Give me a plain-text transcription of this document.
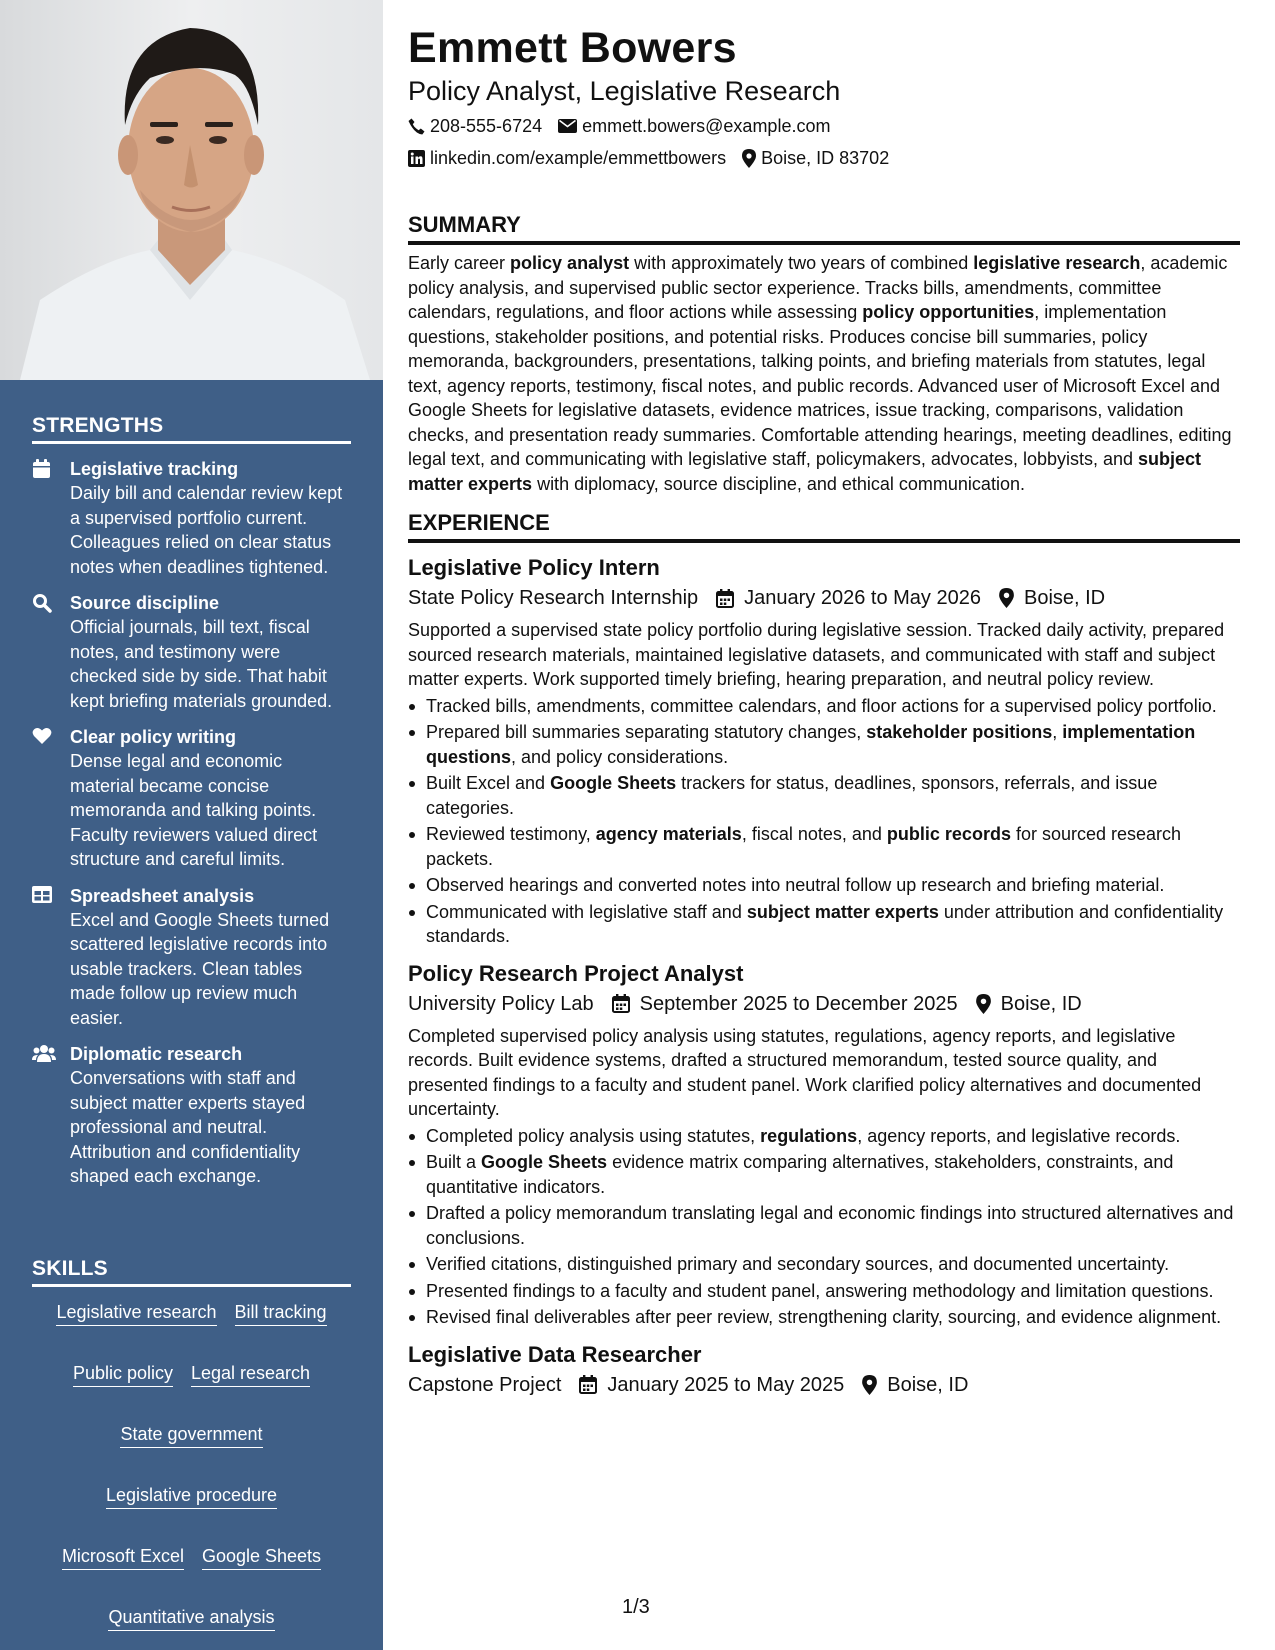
STRENGTHS
Legislative tracking
Daily bill and calendar review kept a supervised portfolio current. Colleagues relied on clear status notes when deadlines tightened.
Source discipline
Official journals, bill text, fiscal notes, and testimony were checked side by side. That habit kept briefing materials grounded.
Clear policy writing
Dense legal and economic material became concise memoranda and talking points. Faculty reviewers valued direct structure and careful limits.
Spreadsheet analysis
Excel and Google Sheets turned scattered legislative records into usable trackers. Clean tables made follow up review much easier.
Diplomatic research
Conversations with staff and subject matter experts stayed professional and neutral. Attribution and confidentiality shaped each exchange.
SKILLS
Legislative research Bill tracking
Public policy Legal research
State government
Legislative procedure
Microsoft Excel Google Sheets
Quantitative analysis
Emmett Bowers
Policy Analyst, Legislative Research
208-555-6724 emmett.bowers@example.com
linkedin.com/example/emmettbowers Boise, ID 83702
SUMMARY
Early career policy analyst with approximately two years of combined legislative research, academic policy analysis, and supervised public sector experience. Tracks bills, amendments, committee calendars, regulations, and floor actions while assessing policy opportunities, implementation questions, stakeholder positions, and potential risks. Produces concise bill summaries, policy memoranda, backgrounders, presentations, talking points, and briefing materials from statutes, legal text, agency reports, testimony, fiscal notes, and public records. Advanced user of Microsoft Excel and Google Sheets for legislative datasets, evidence matrices, issue tracking, comparisons, validation checks, and presentation ready summaries. Comfortable attending hearings, meeting deadlines, editing legal text, and communicating with legislative staff, policymakers, advocates, lobbyists, and subject matter experts with diplomacy, source discipline, and ethical communication.
EXPERIENCE
Legislative Policy Intern
State Policy Research Internship January 2026 to May 2026 Boise, ID
Supported a supervised state policy portfolio during legislative session. Tracked daily activity, prepared sourced research materials, maintained legislative datasets, and communicated with staff and subject matter experts. Work supported timely briefing, hearing preparation, and neutral policy review.
Tracked bills, amendments, committee calendars, and floor actions for a supervised policy portfolio.
Prepared bill summaries separating statutory changes, stakeholder positions, implementation questions, and policy considerations.
Built Excel and Google Sheets trackers for status, deadlines, sponsors, referrals, and issue categories.
Reviewed testimony, agency materials, fiscal notes, and public records for sourced research packets.
Observed hearings and converted notes into neutral follow up research and briefing material.
Communicated with legislative staff and subject matter experts under attribution and confidentiality standards.
Policy Research Project Analyst
University Policy Lab September 2025 to December 2025 Boise, ID
Completed supervised policy analysis using statutes, regulations, agency reports, and legislative records. Built evidence systems, drafted a structured memorandum, tested source quality, and presented findings to a faculty and student panel. Work clarified policy alternatives and documented uncertainty.
Completed policy analysis using statutes, regulations, agency reports, and legislative records.
Built a Google Sheets evidence matrix comparing alternatives, stakeholders, constraints, and quantitative indicators.
Drafted a policy memorandum translating legal and economic findings into structured alternatives and conclusions.
Verified citations, distinguished primary and secondary sources, and documented uncertainty.
Presented findings to a faculty and student panel, answering methodology and limitation questions.
Revised final deliverables after peer review, strengthening clarity, sourcing, and evidence alignment.
Legislative Data Researcher
Capstone Project January 2025 to May 2025 Boise, ID
1/3
